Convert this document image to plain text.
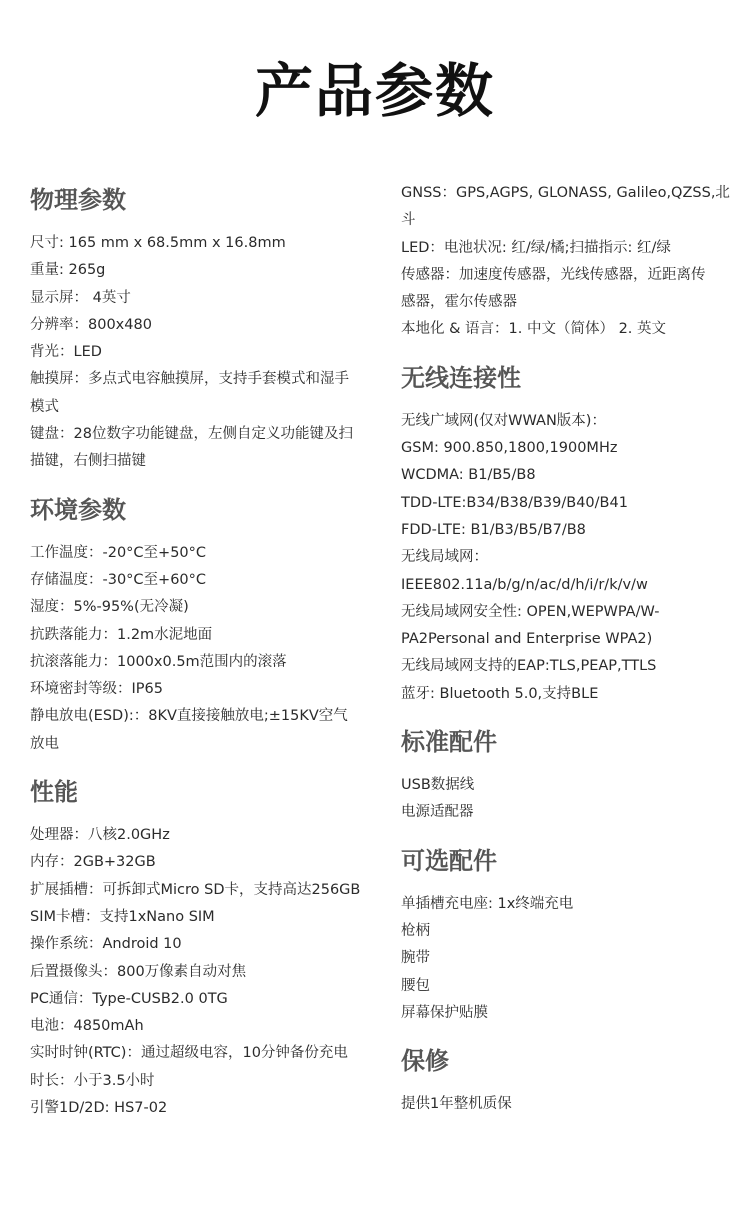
产品参数
物理参数
尺寸: 165 mm x 68.5mm x 16.8mm
重量: 265g
显示屏： 4英寸
分辨率：800x480
背光：LED
触摸屏：多点式电容触摸屏，支持手套模式和湿手
模式
键盘：28位数字功能键盘，左侧自定义功能键及扫
描键，右侧扫描键
环境参数
工作温度：-20°C至+50°C
存储温度：-30°C至+60°C
湿度：5%-95%(无冷凝)
抗跌落能力：1.2m水泥地面
抗滚落能力：1000x0.5m范围内的滚落
环境密封等级：IP65
静电放电(ESD):：8KV直接接触放电;±15KV空气
放电
性能
处理器：八核2.0GHz
内存：2GB+32GB
扩展插槽：可拆卸式Micro SD卡，支持高达256GB
SIM卡槽：支持1xNano SIM
操作系统：Android 10
后置摄像头：800万像素自动对焦
PC通信：Type-CUSB2.0 0TG
电池：4850mAh
实时时钟(RTC)：通过超级电容，10分钟备份充电
时长：小于3.5小时
引警1D/2D: HS7-02
GNSS：GPS,AGPS, GLONASS, Galileo,QZSS,北
斗
LED：电池状况: 红/绿/橘;扫描指示: 红/绿
传感器：加速度传感器，光线传感器，近距离传
感器，霍尔传感器
本地化 & 语言：1. 中文（简体） 2. 英文
无线连接性
无线广域网(仅对WWAN版本)：
GSM: 900.850,1800,1900MHz
WCDMA: B1/B5/B8
TDD-LTE:B34/B38/B39/B40/B41
FDD-LTE: B1/B3/B5/B7/B8
无线局域网：
IEEE802.11a/b/g/n/ac/d/h/i/r/k/v/w
无线局域网安全性: OPEN,WEPWPA/W-
PA2Personal and Enterprise WPA2)
无线局域网支持的EAP:TLS,PEAP,TTLS
蓝牙: Bluetooth 5.0,支持BLE
标准配件
USB数据线
电源适配器
可选配件
单插槽充电座: 1x终端充电
枪柄
腕带
腰包
屏幕保护贴膜
保修
提供1年整机质保
